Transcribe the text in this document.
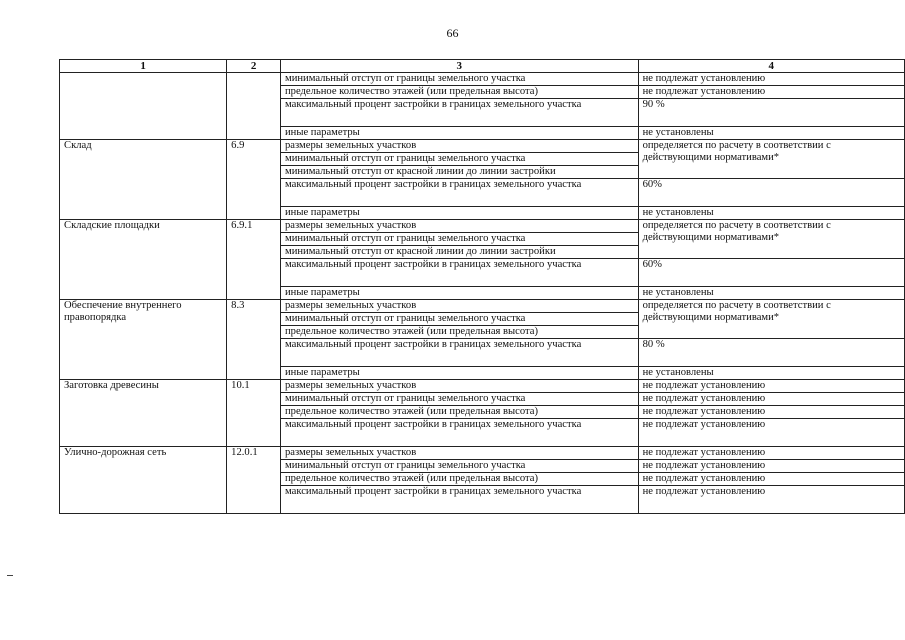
66
1	2	3	4
		минимальный отступ от границы земельного участка	не подлежат установлению
		предельное количество этажей (или предельная высота)	не подлежат установлению
		максимальный процент застройки в границах земельного участка	90 %
		иные параметры	не установлены
Склад	6.9	размеры земельных участков	определяется по расчету в соответствии с действующими нормативами*
		минимальный отступ от границы земельного участка	
		минимальный отступ от красной линии до линии застройки	
		максимальный процент застройки в границах земельного участка	60%
		иные параметры	не установлены
Складские площадки	6.9.1	размеры земельных участков	определяется по расчету в соответствии с действующими нормативами*
		минимальный отступ от границы земельного участка	
		минимальный отступ от красной линии до линии застройки	
		максимальный процент застройки в границах земельного участка	60%
		иные параметры	не установлены
Обеспечение внутреннего правопорядка	8.3	размеры земельных участков	определяется по расчету в соответствии с действующими нормативами*
		минимальный отступ от границы земельного участка	
		предельное количество этажей (или предельная высота)	
		максимальный процент застройки в границах земельного участка	80 %
		иные параметры	не установлены
Заготовка древесины	10.1	размеры земельных участков	не подлежат установлению
		минимальный отступ от границы земельного участка	не подлежат установлению
		предельное количество этажей (или предельная высота)	не подлежат установлению
		максимальный процент застройки в границах земельного участка	не подлежат установлению
Улично-дорожная сеть	12.0.1	размеры земельных участков	не подлежат установлению
		минимальный отступ от границы земельного участка	не подлежат установлению
		предельное количество этажей (или предельная высота)	не подлежат установлению
		максимальный процент застройки в границах земельного участка	не подлежат установлению
